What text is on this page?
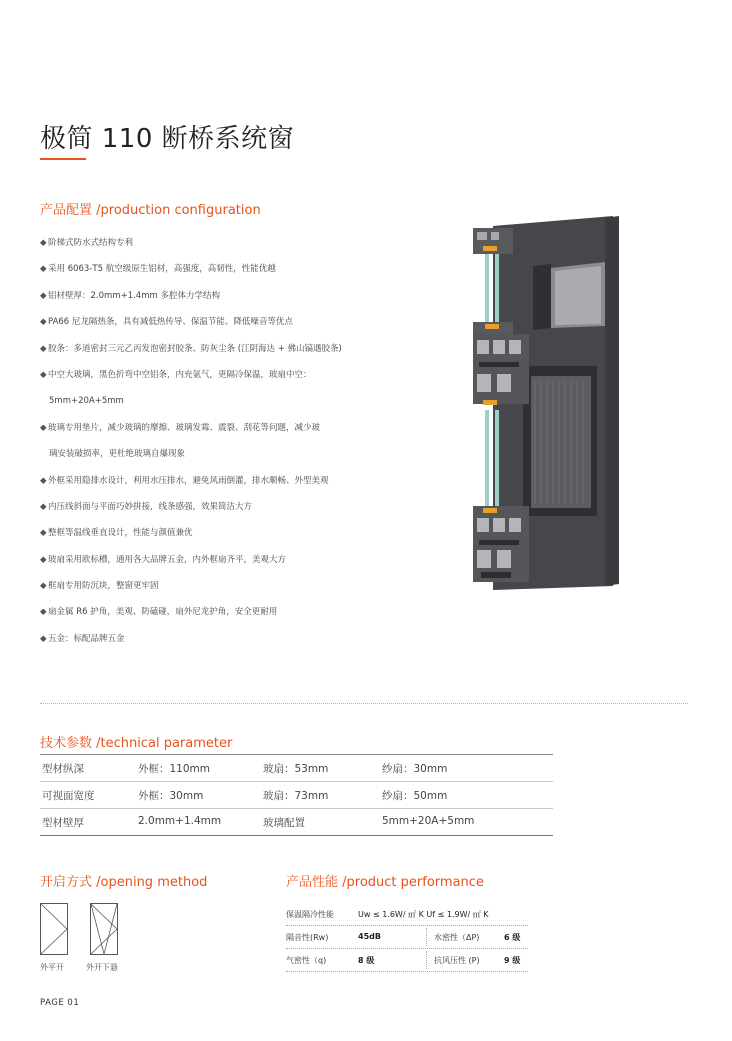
极简 110 断桥系统窗
产品配置 /production configuration
◆阶梯式防水式结构专利
◆采用 6063-T5 航空级原生铝材，高强度，高韧性，性能优越
◆铝材壁厚：2.0mm+1.4mm 多腔体力学结构
◆PA66 尼龙隔热条，具有减低热传导、保温节能、降低噪音等优点
◆胶条：多道密封三元乙丙发泡密封胶条、防灰尘条 (江阴海达 + 佛山镐遇胶条)
◆中空大玻璃，黑色折弯中空铝条，内充氩气，更隔冷保温，玻扇中空：
5mm+20A+5mm
◆玻璃专用垫片，减少玻璃的摩擦、玻璃发霉、震裂、刮花等问题，减少玻
璃安装破损率，更杜绝玻璃自爆现象
◆外框采用隐排水设计，利用水压排水，避免风雨倒灌，排水顺畅、外型美观
◆内压线斜面与平面巧妙拼接，线条感强，效果简洁大方
◆整框等温线垂直设计，性能与颜值兼优
◆玻扇采用欧标槽，通用各大品牌五金，内外框扇齐平，美观大方
◆框扇专用防沉块，整窗更牢固
◆扇金属 R6 护角，美观、防磕碰，扇外尼龙护角，安全更耐用
◆五金：标配品牌五金
技术参数 /technical parameter
型材纵深	外框：110mm	玻扇：53mm	纱扇：30mm
可视面宽度	外框：30mm	玻扇：73mm	纱扇：50mm
型材壁厚	2.0mm+1.4mm	玻璃配置	5mm+20A+5mm
开启方式 /opening method
外平开	外开下悬
产品性能 /product performance
保温隔冷性能	Uw ≤ 1.6W/ ㎡ K Uf ≤ 1.9W/ ㎡ K
隔音性(Rw)	45dB	水密性（ΔP)	6 级
气密性（q)	8 级	抗风压性 (P)	9 级
PAGE 01
